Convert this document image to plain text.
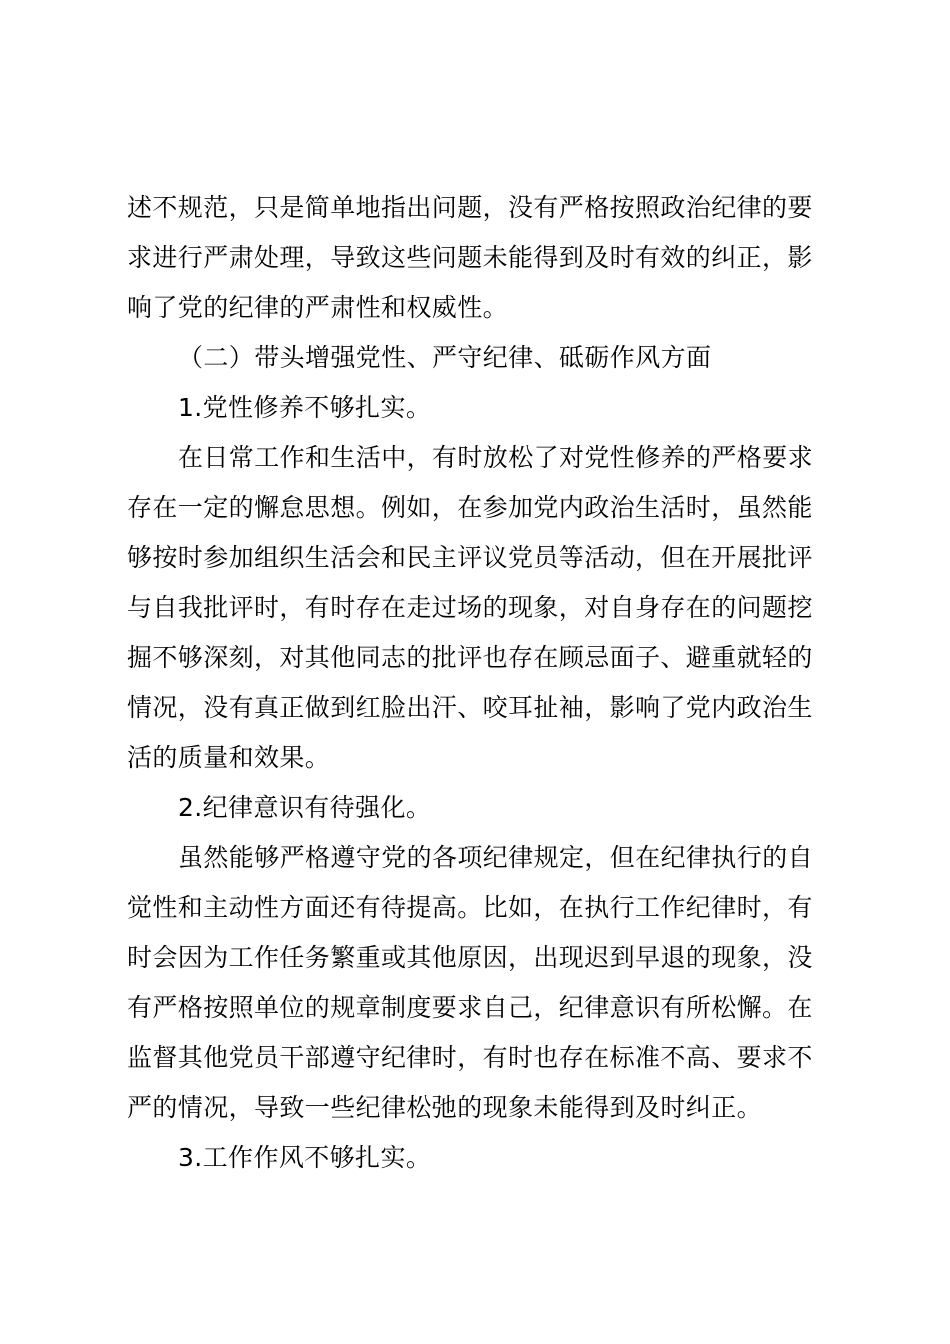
述不规范，只是简单地指出问题，没有严格按照政治纪律的要
求进行严肃处理，导致这些问题未能得到及时有效的纠正，影
响了党的纪律的严肃性和权威性。
（二）带头增强党性、严守纪律、砥砺作风方面
1.党性修养不够扎实。
在日常工作和生活中，有时放松了对党性修养的严格要求
存在一定的懈怠思想。例如，在参加党内政治生活时，虽然能
够按时参加组织生活会和民主评议党员等活动，但在开展批评
与自我批评时，有时存在走过场的现象，对自身存在的问题挖
掘不够深刻，对其他同志的批评也存在顾忌面子、避重就轻的
情况，没有真正做到红脸出汗、咬耳扯袖，影响了党内政治生
活的质量和效果。
2.纪律意识有待强化。
虽然能够严格遵守党的各项纪律规定，但在纪律执行的自
觉性和主动性方面还有待提高。比如，在执行工作纪律时，有
时会因为工作任务繁重或其他原因，出现迟到早退的现象，没
有严格按照单位的规章制度要求自己，纪律意识有所松懈。在
监督其他党员干部遵守纪律时，有时也存在标准不高、要求不
严的情况，导致一些纪律松弛的现象未能得到及时纠正。
3.工作作风不够扎实。
